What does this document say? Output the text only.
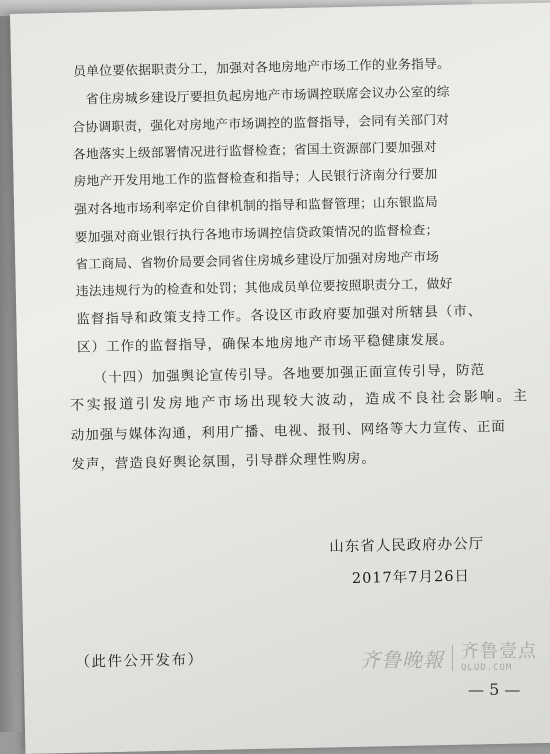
员单位要依据职责分工，加强对各地房地产市场工作的业务指导。
省住房城乡建设厅要担负起房地产市场调控联席会议办公室的综
合协调职责，强化对房地产市场调控的监督指导，会同有关部门对
各地落实上级部署情况进行监督检查；省国土资源部门要加强对
房地产开发用地工作的监督检查和指导；人民银行济南分行要加
强对各地市场利率定价自律机制的指导和监督管理；山东银监局
要加强对商业银行执行各地市场调控信贷政策情况的监督检查；
省工商局、省物价局要会同省住房城乡建设厅加强对房地产市场
违法违规行为的检查和处罚；其他成员单位要按照职责分工，做好
监督指导和政策支持工作。各设区市政府要加强对所辖县（市、
区）工作的监督指导，确保本地房地产市场平稳健康发展。
（十四）加强舆论宣传引导。各地要加强正面宣传引导，防范
不实报道引发房地产市场出现较大波动，造成不良社会影响。主
动加强与媒体沟通，利用广播、电视、报刊、网络等大力宣传、正面
发声，营造良好舆论氛围，引导群众理性购房。
山东省人民政府办公厅
2017年7月26日
（此件公开发布）
— 5 —
齐鲁晚報 齐鲁壹点
QLUD.COM
